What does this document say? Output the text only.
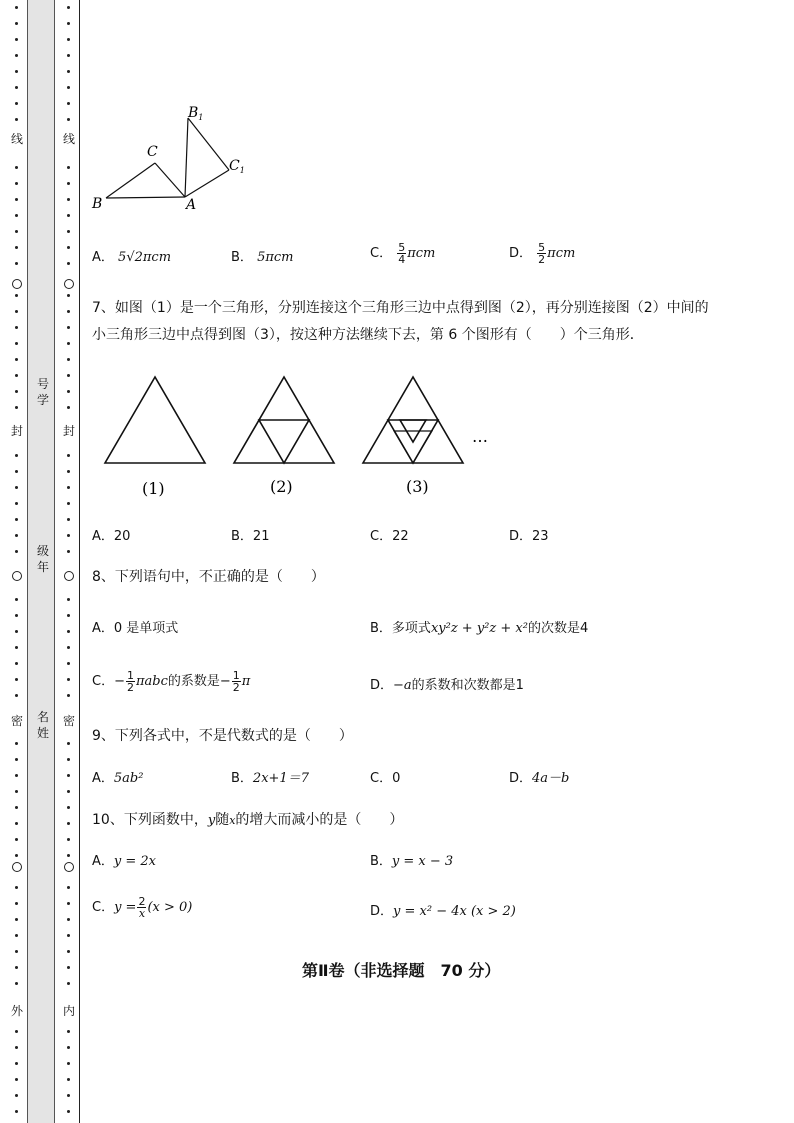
线
封
密
外
线
封
密
内
号
学
级
年
名
姓
$B_1$
$C_1$
C
B	A
A． 5√2πcm	B． 5πcm	C． $\frac{5}{4}$ πcm	D． $\frac{5}{2}$ πcm
7、如图（1）是一个三角形，分别连接这个三角形三边中点得到图（2），再分别连接图（2）中间的
小三角形三边中点得到图（3），按这种方法继续下去，第 6 个图形有（　　）个三角形．
(1)	(2)	(3)
…
A．20	B．21	C．22	D．23
8、下列语句中，不正确的是（　　）
A．0 是单项式	B．多项式xy²z + y²z + x²的次数是4
C．− $\frac{1}{2}$ πabc的系数是− $\frac{1}{2}$ π	D．−a的系数和次数都是1
9、下列各式中，不是代数式的是（　　）
A．5ab²	B．2x+1＝7	C．0	D．4a－b
10、下列函数中，y随x的增大而减小的是（　　）
A．y = 2x	B．y = x − 3
C．$y = \frac{2}{x} (x > 0)$	D．y = x² − 4x (x > 2)
第Ⅱ卷（非选择题　70 分）
